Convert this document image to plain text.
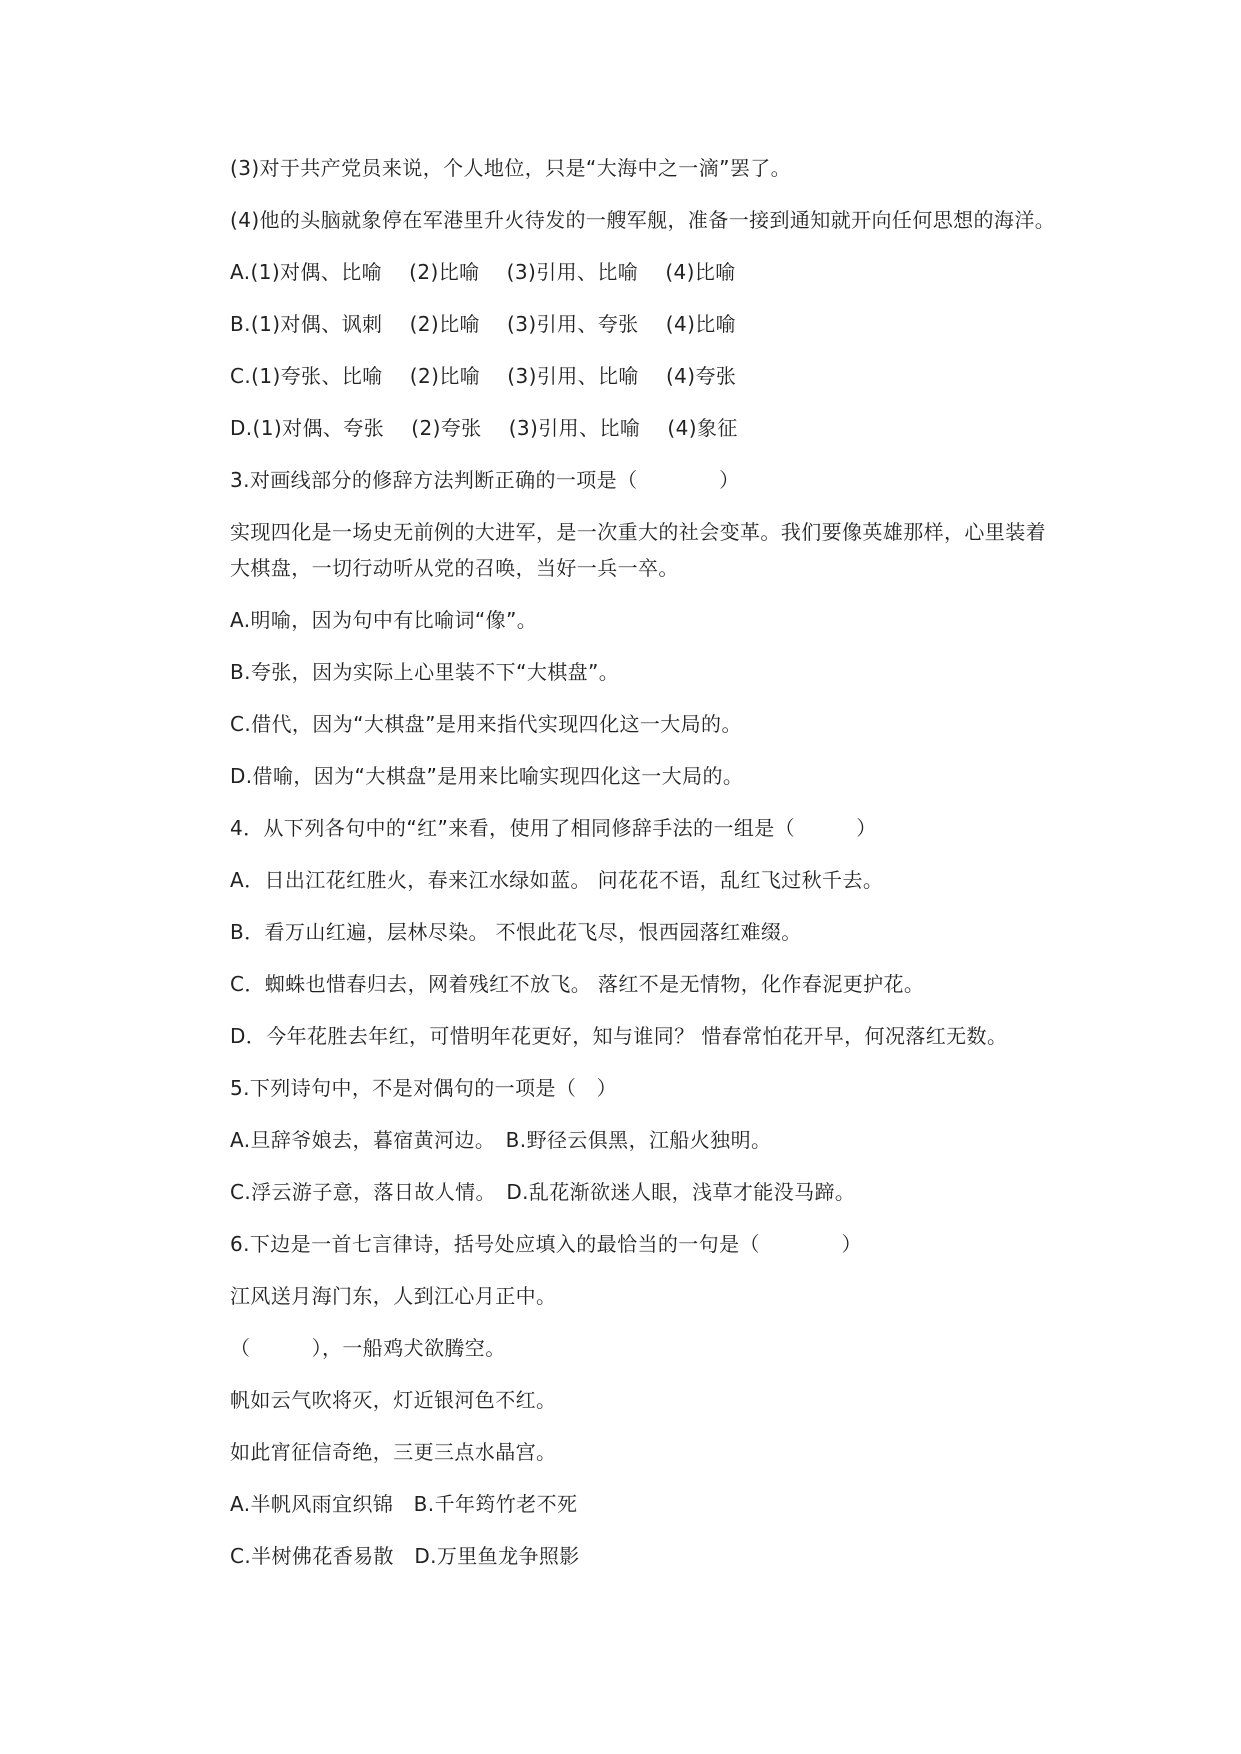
(3)对于共产党员来说，个人地位，只是“大海中之一滴”罢了。

(4)他的头脑就象停在军港里升火待发的一艘军舰，准备一接到通知就开向任何思想的海洋。

A.(1)对偶、比喻　 (2)比喻　 (3)引用、比喻　 (4)比喻

B.(1)对偶、讽刺　 (2)比喻　 (3)引用、夸张　 (4)比喻

C.(1)夸张、比喻　 (2)比喻　 (3)引用、比喻　 (4)夸张

D.(1)对偶、夸张　 (2)夸张　 (3)引用、比喻　 (4)象征

3.对画线部分的修辞方法判断正确的一项是（　　　　）

实现四化是一场史无前例的大进军，是一次重大的社会变革。我们要像英雄那样，心里装着大棋盘，一切行动听从党的召唤，当好一兵一卒。

A.明喻，因为句中有比喻词“像”。

B.夸张，因为实际上心里装不下“大棋盘”。

C.借代，因为“大棋盘”是用来指代实现四化这一大局的。

D.借喻，因为“大棋盘”是用来比喻实现四化这一大局的。

4．从下列各句中的“红”来看，使用了相同修辞手法的一组是（　　　）

A．日出江花红胜火，春来江水绿如蓝。 问花花不语，乱红飞过秋千去。

B．看万山红遍，层林尽染。 不恨此花飞尽，恨西园落红难缀。

C．蜘蛛也惜春归去，网着残红不放飞。 落红不是无情物，化作春泥更护花。

D．今年花胜去年红，可惜明年花更好，知与谁同？ 惜春常怕花开早，何况落红无数。

5.下列诗句中，不是对偶句的一项是（　）

A.旦辞爷娘去，暮宿黄河边。　B.野径云俱黑，江船火独明。

C.浮云游子意，落日故人情。　D.乱花渐欲迷人眼，浅草才能没马蹄。

6.下边是一首七言律诗，括号处应填入的最恰当的一句是（　　　　）

江风送月海门东，人到江心月正中。

（　　　），一船鸡犬欲腾空。

帆如云气吹将灭，灯近银河色不红。

如此宵征信奇绝，三更三点水晶宫。

A.半帆风雨宜织锦　B.千年筠竹老不死

C.半树佛花香易散　D.万里鱼龙争照影
